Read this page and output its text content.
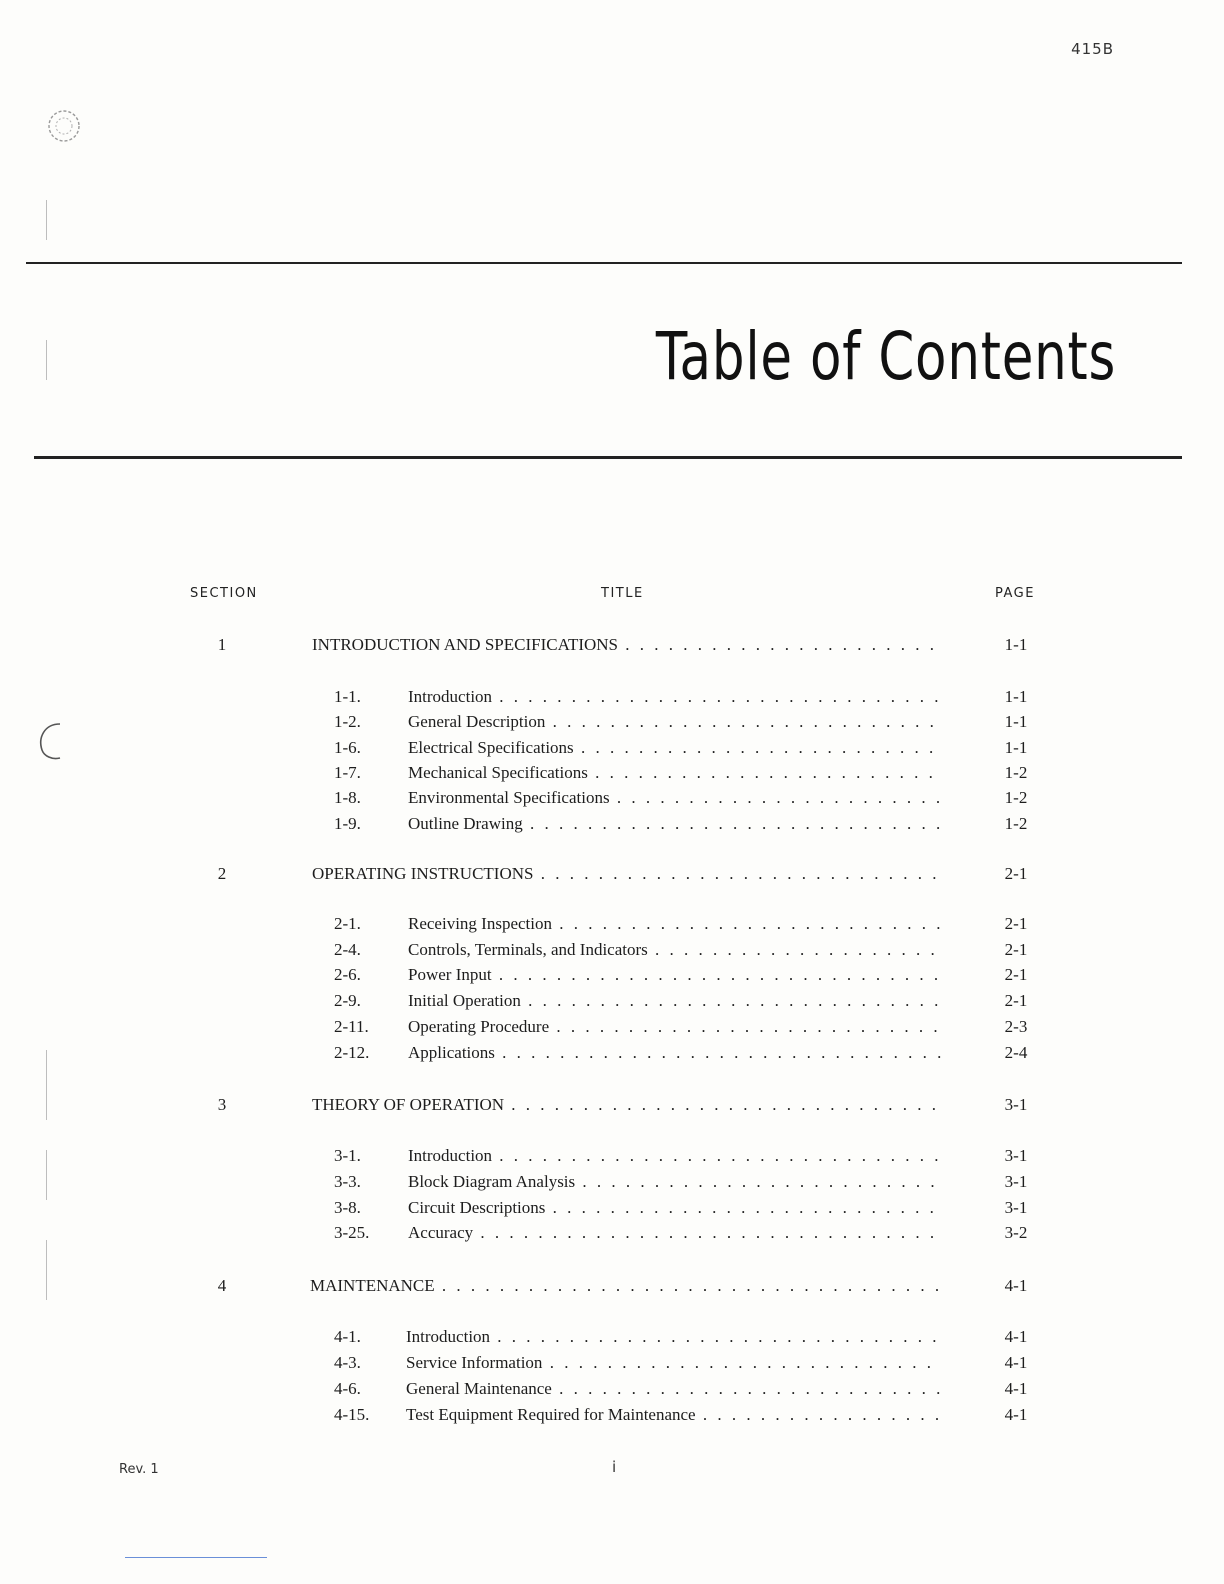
415B
Table of Contents
SECTION	TITLE	PAGE
1	INTRODUCTION AND SPECIFICATIONS . . .	1-1
1-1.	Introduction . . .	1-1
1-2.	General Description . . .	1-1
1-6.	Electrical Specifications . . .	1-1
1-7.	Mechanical Specifications . . .	1-2
1-8.	Environmental Specifications . . .	1-2
1-9.	Outline Drawing . . .	1-2
2	OPERATING INSTRUCTIONS . . .	2-1
2-1.	Receiving Inspection . . .	2-1
2-4.	Controls, Terminals, and Indicators . . .	2-1
2-6.	Power Input . . .	2-1
2-9.	Initial Operation . . .	2-1
2-11. Operating Procedure . . .	2-3
2-12. Applications . . .	2-4
3	THEORY OF OPERATION . . .	3-1
3-1.	Introduction . . .	3-1
3-3.	Block Diagram Analysis . . .	3-1
3-8.	Circuit Descriptions . . .	3-1
3-25. Accuracy . . .	3-2
4	MAINTENANCE . . .	4-1
4-1.	Introduction . . .	4-1
4-3.	Service Information . . .	4-1
4-6.	General Maintenance . . .	4-1
4-15. Test Equipment Required for Maintenance . . .	4-1
Rev. 1	i
